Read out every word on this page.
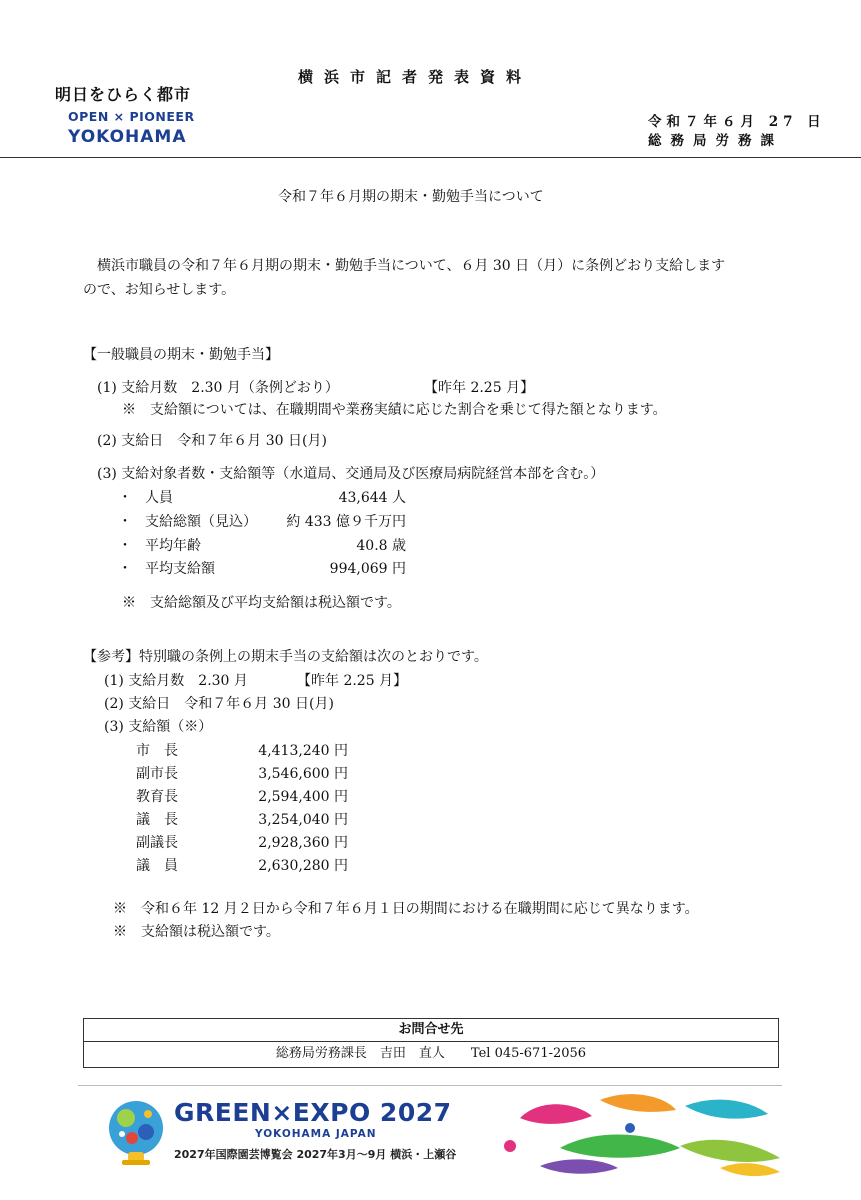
明日をひらく都市
OPEN × PIONEER
YOKOHAMA
横浜市記者発表資料
令和７年６月 27 日
総務局労務課
令和７年６月期の期末・勤勉手当について
横浜市職員の令和７年６月期の期末・勤勉手当について、６月 30 日（月）に条例どおり支給します
ので、お知らせします。
【一般職員の期末・勤勉手当】
(1) 支給月数　2.30 月（条例どおり）	【昨年 2.25 月】
※　支給額については、在職期間や業務実績に応じた割合を乗じて得た額となります。
(2) 支給日　令和７年６月 30 日(月)
(3) 支給対象者数・支給額等（水道局、交通局及び医療局病院経営本部を含む。）
・ 人員	43,644 人
・ 支給総額（見込）	約 433 億９千万円
・ 平均年齢	40.8 歳
・ 平均支給額	994,069 円
※　支給総額及び平均支給額は税込額です。
【参考】特別職の条例上の期末手当の支給額は次のとおりです。
(1) 支給月数　2.30 月	【昨年 2.25 月】
(2) 支給日　令和７年６月 30 日(月)
(3) 支給額（※）
市　長	4,413,240 円
副市長	3,546,600 円
教育長	2,594,400 円
議　長	3,254,040 円
副議長	2,928,360 円
議　員	2,630,280 円
※　令和６年 12 月２日から令和７年６月１日の期間における在職期間に応じて異なります。
※　支給額は税込額です。
お問合せ先
総務局労務課長　吉田　直人　　Tel 045-671-2056
GREEN×EXPO 2027
YOKOHAMA JAPAN
2027年国際園芸博覧会 2027年3月～9月 横浜・上瀬谷
